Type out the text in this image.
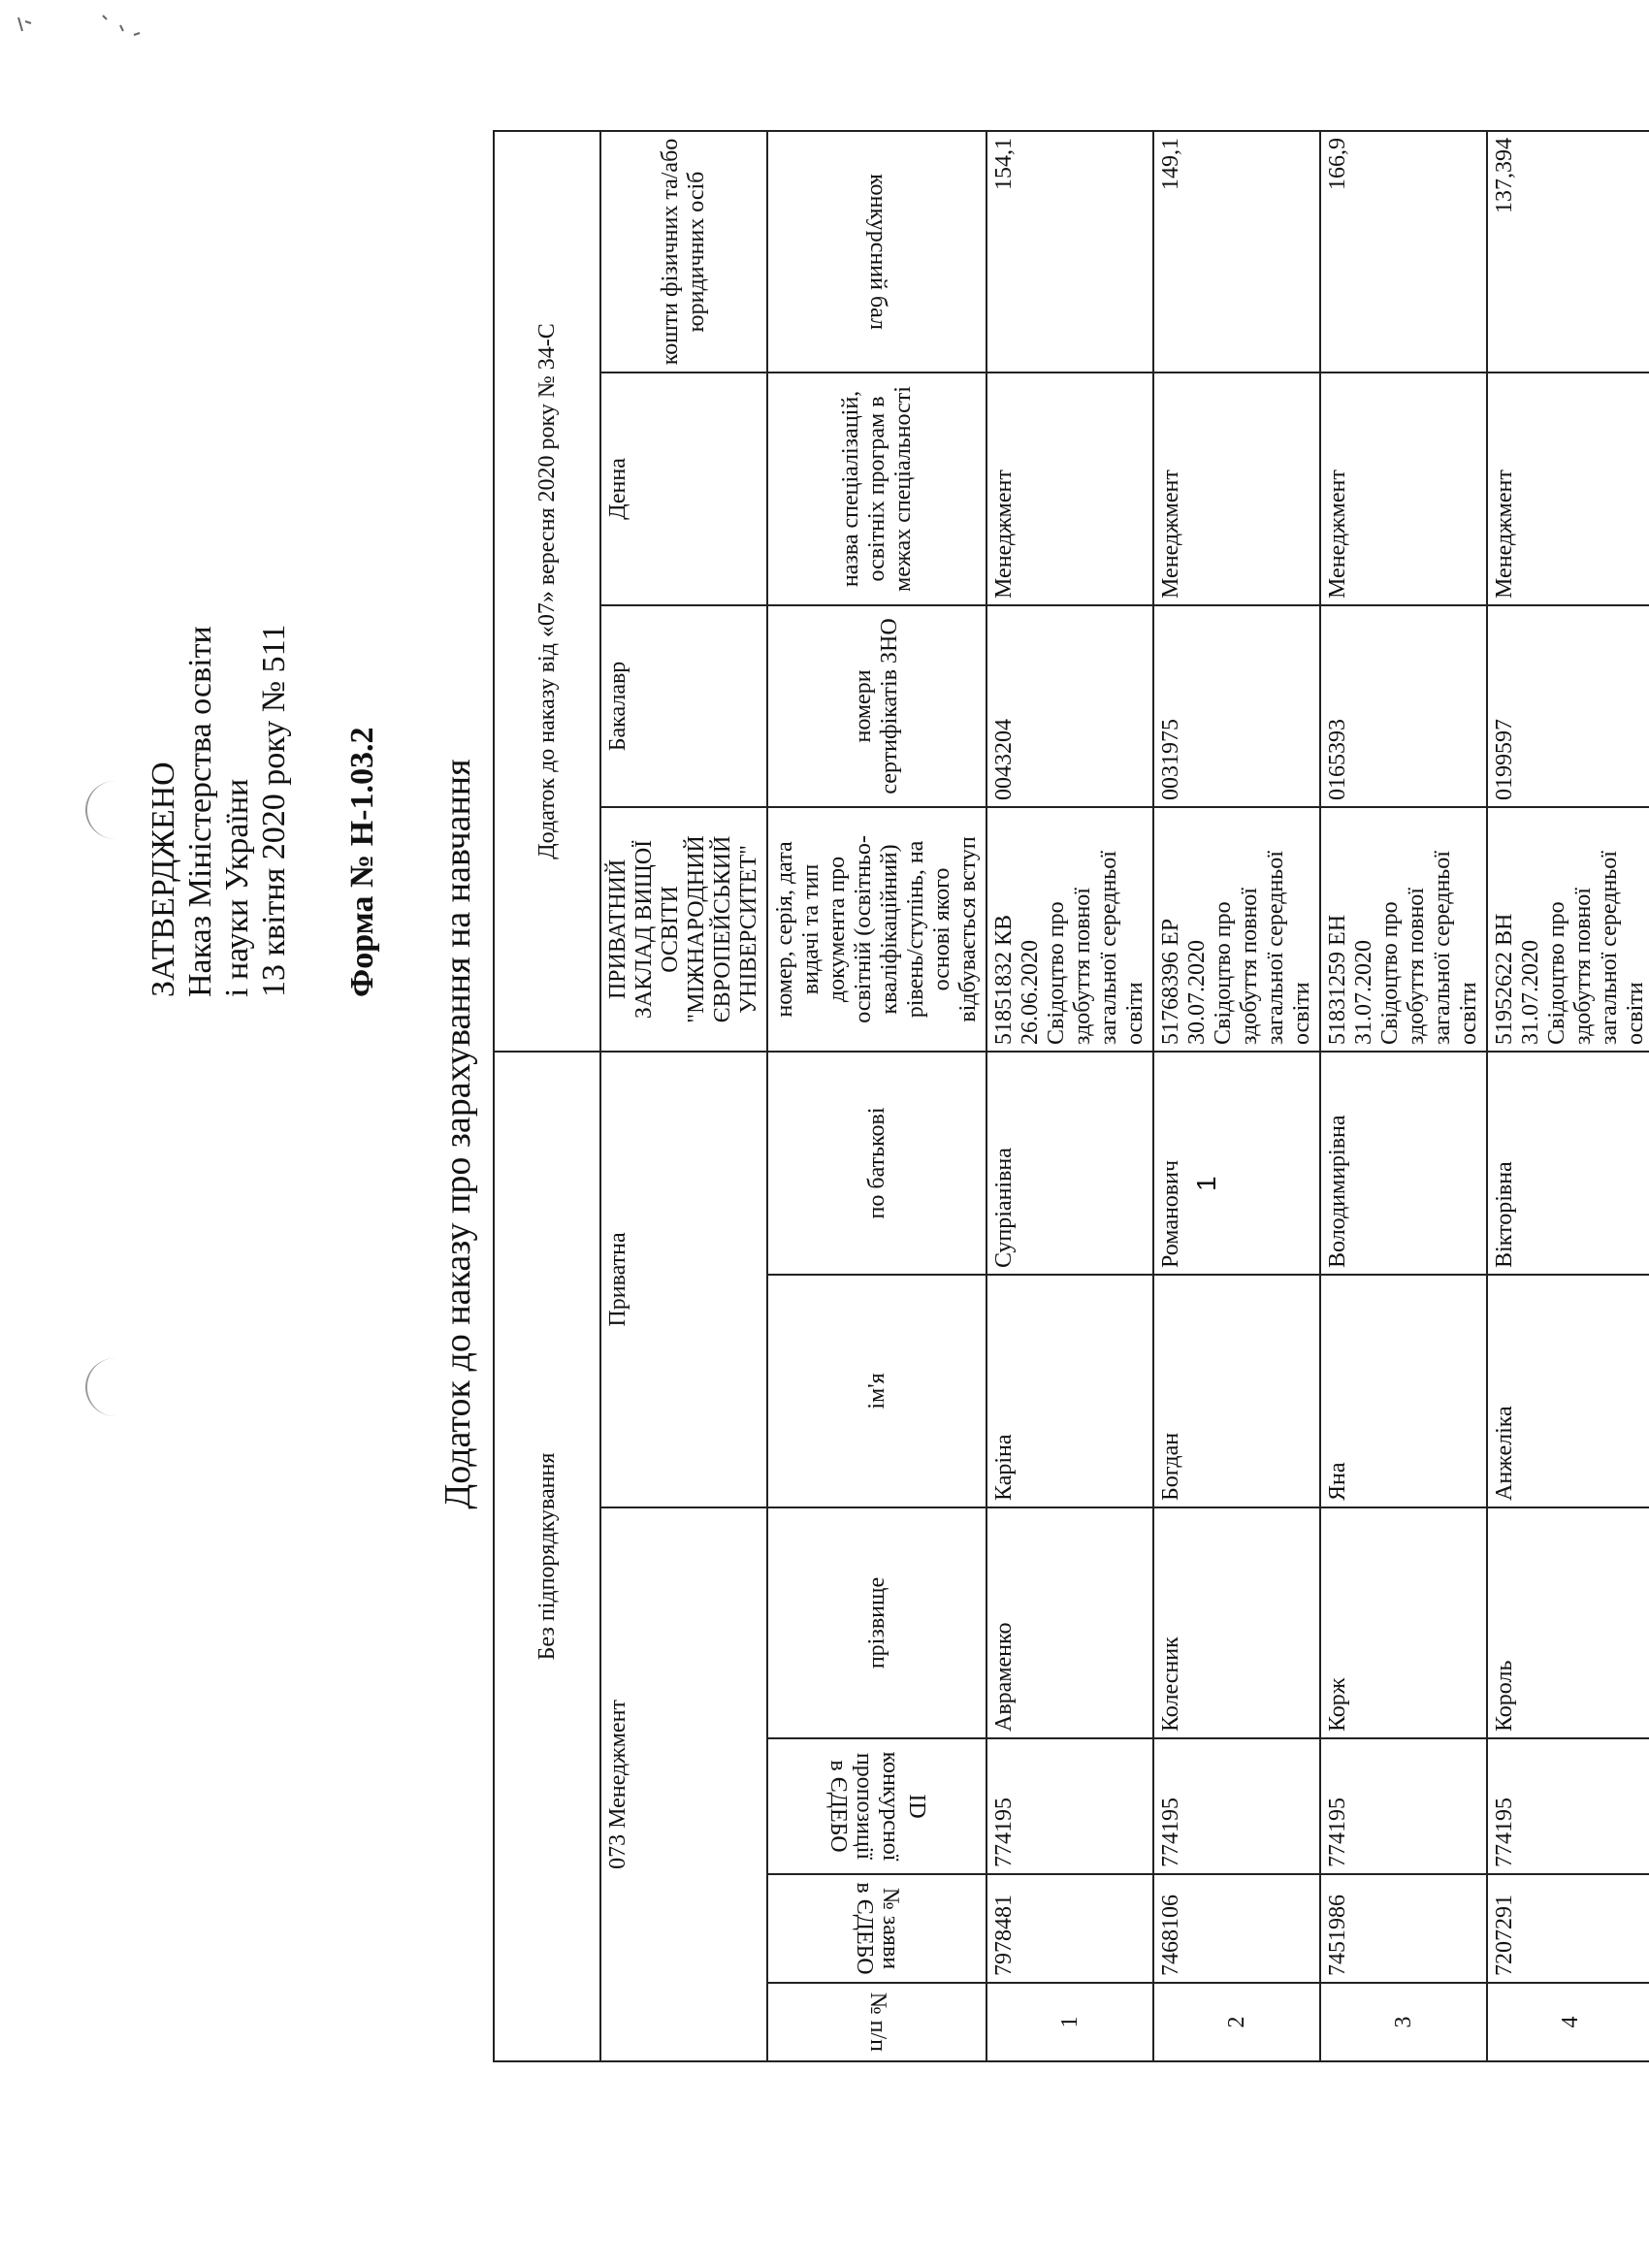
ЗАТВЕРДЖЕНО Наказ Міністерства освіти і науки України 13 квітня 2020 року № 511 Форма № Н-1.03.2 Додаток до наказу про зарахування на навчання
Без підпорядкування						Додаток до наказу від «07» вересня 2020 року № 34-С			
073 Менеджмент				Приватна		ПРИВАТНИЙ ЗАКЛАД ВИЩОЇ ОСВІТИ "МІЖНАРОДНИЙ ЄВРОПЕЙСЬКИЙ УНІВЕРСИТЕТ"	Бакалавр	Денна	кошти фізичних та/або юридичних осіб
№ п/п	№ заяви в ЄДЕБО	ID конкурсної пропозиції в ЄДЕБО	прізвище	ім'я	по батькові	номер, серія, дата видачі та тип документа про освітній (освітньо-кваліфікаційний) рівень/ступінь, на основі якого відбувається вступ	номери сертифікатів ЗНО	назва спеціалізацій, освітніх програм в межах спеціальності	конкурсний бал
1	7978481	774195	Авраменко	Каріна	Супріанівна	51851832 КВ 26.06.2020 Свідоцтво про здобуття повної загальної середньої освіти	0043204	Менеджмент	154,1
2	7468106	774195	Колесник	Богдан	Романович	51768396 ЕР 30.07.2020 Свідоцтво про здобуття повної загальної середньої освіти	0031975	Менеджмент	149,1
3	7451986	774195	Корж	Яна	Володимирівна	51831259 ЕН 31.07.2020 Свідоцтво про здобуття повної загальної середньої освіти	0165393	Менеджмент	166,9
4	7207291	774195	Король	Анжеліка	Вікторівна	51952622 ВН 31.07.2020 Свідоцтво про здобуття повної загальної середньої освіти	0199597	Менеджмент	137,394
1
